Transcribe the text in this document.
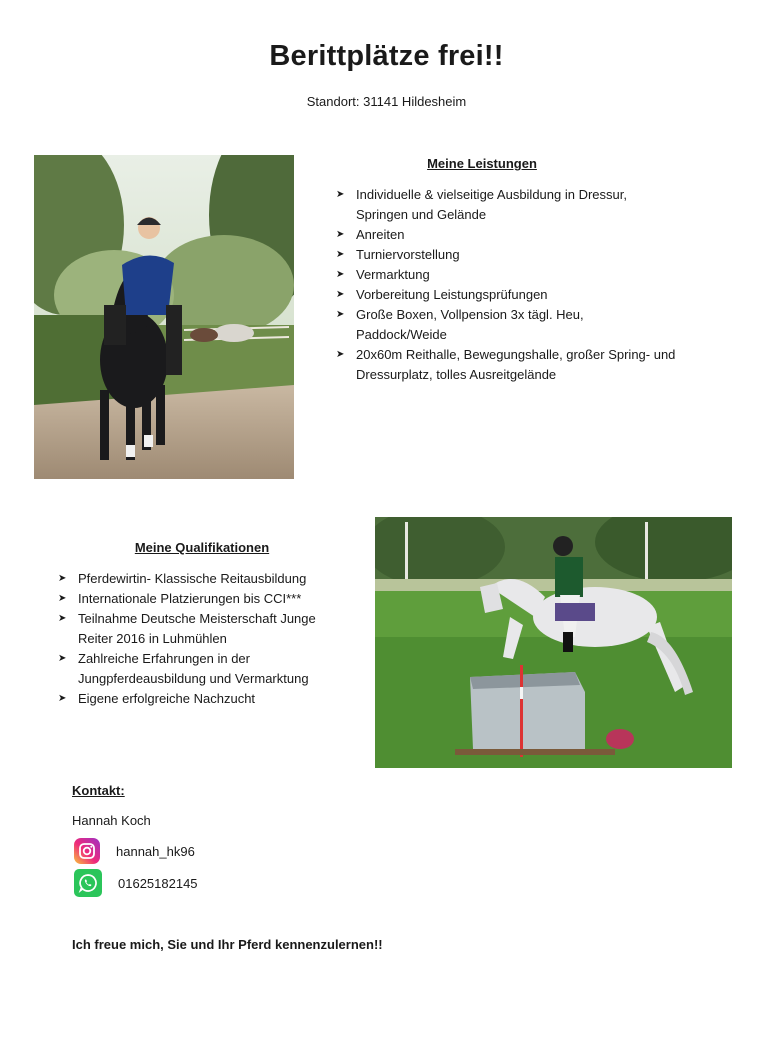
Berittplätze frei!!
Standort: 31141 Hildesheim
Meine Leistungen
➤ Individuelle & vielseitige Ausbildung in Dressur, Springen und Gelände
➤ Anreiten
➤ Turniervorstellung
➤ Vermarktung
➤ Vorbereitung Leistungsprüfungen
➤ Große Boxen, Vollpension 3x tägl. Heu, Paddock/Weide
➤ 20x60m Reithalle, Bewegungshalle, großer Spring- und Dressurplatz, tolles Ausreitgelände
Meine Qualifikationen
➤ Pferdewirtin- Klassische Reitausbildung
➤ Internationale Platzierungen bis CCI***
➤ Teilnahme Deutsche Meisterschaft Junge Reiter 2016 in Luhmühlen
➤ Zahlreiche Erfahrungen in der Jungpferdeausbildung und Vermarktung
➤ Eigene erfolgreiche Nachzucht
Kontakt:
Hannah Koch
hannah_hk96
01625182145
Ich freue mich, Sie und Ihr Pferd kennenzulernen!!
